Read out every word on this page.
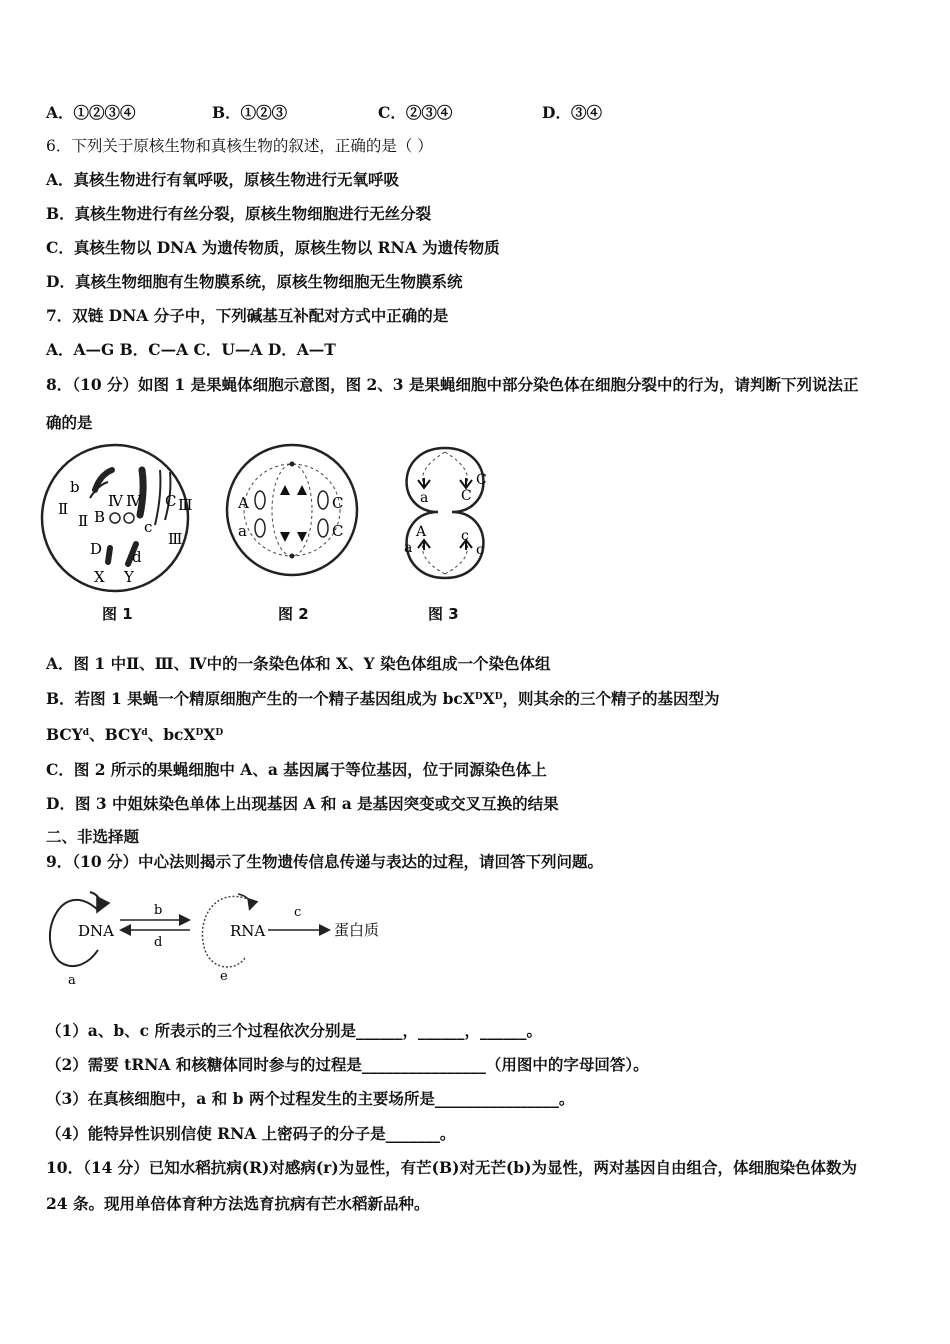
A．①②③④	B．①②③	C．②③④	D．③④
6．下列关于原核生物和真核生物的叙述，正确的是（ ）
A．真核生物进行有氧呼吸，原核生物进行无氧呼吸
B．真核生物进行有丝分裂，原核生物细胞进行无丝分裂
C．真核生物以 DNA 为遗传物质，原核生物以 RNA 为遗传物质
D．真核生物细胞有生物膜系统，原核生物细胞无生物膜系统
7．双链 DNA 分子中，下列碱基互补配对方式中正确的是
A．A—G B．C—A C．U—A D．A—T
8．（10 分）如图 1 是果蝇体细胞示意图，图 2、3 是果蝇细胞中部分染色体在细胞分裂中的行为，请判断下列说法正
确的是
b
Ⅳ Ⅳ C Ⅲ
Ⅱ
Ⅱ B
c
Ⅲ
D d
X Y
A
a
C
C
a
C
C
A
a
c
c
图 1	图 2	图 3
A．图 1 中Ⅱ、Ⅲ、Ⅳ中的一条染色体和 X、Y 染色体组成一个染色体组
B．若图 1 果蝇一个精原细胞产生的一个精子基因组成为 $bcX^DX^D$，则其余的三个精子的基因型为
BCY$^d$、BCY$^d$、$bcX^DX^D$
C．图 2 所示的果蝇细胞中 A、a 基因属于等位基因，位于同源染色体上
D．图 3 中姐妹染色单体上出现基因 A 和 a 是基因突变或交叉互换的结果
二、非选择题
9．（10 分）中心法则揭示了生物遗传信息传递与表达的过程，请回答下列问题。
DNA
b
d
RNA
c
蛋白质
a	e
（1）a、b、c 所表示的三个过程依次分别是______，______，______。
（2）需要 tRNA 和核糖体同时参与的过程是________________（用图中的字母回答）。
（3）在真核细胞中，a 和 b 两个过程发生的主要场所是________________。
（4）能特异性识别信使 RNA 上密码子的分子是_______。
10．（14 分）已知水稻抗病(R)对感病(r)为显性，有芒(B)对无芒(b)为显性，两对基因自由组合，体细胞染色体数为
24 条。现用单倍体育种方法选育抗病有芒水稻新品种。
